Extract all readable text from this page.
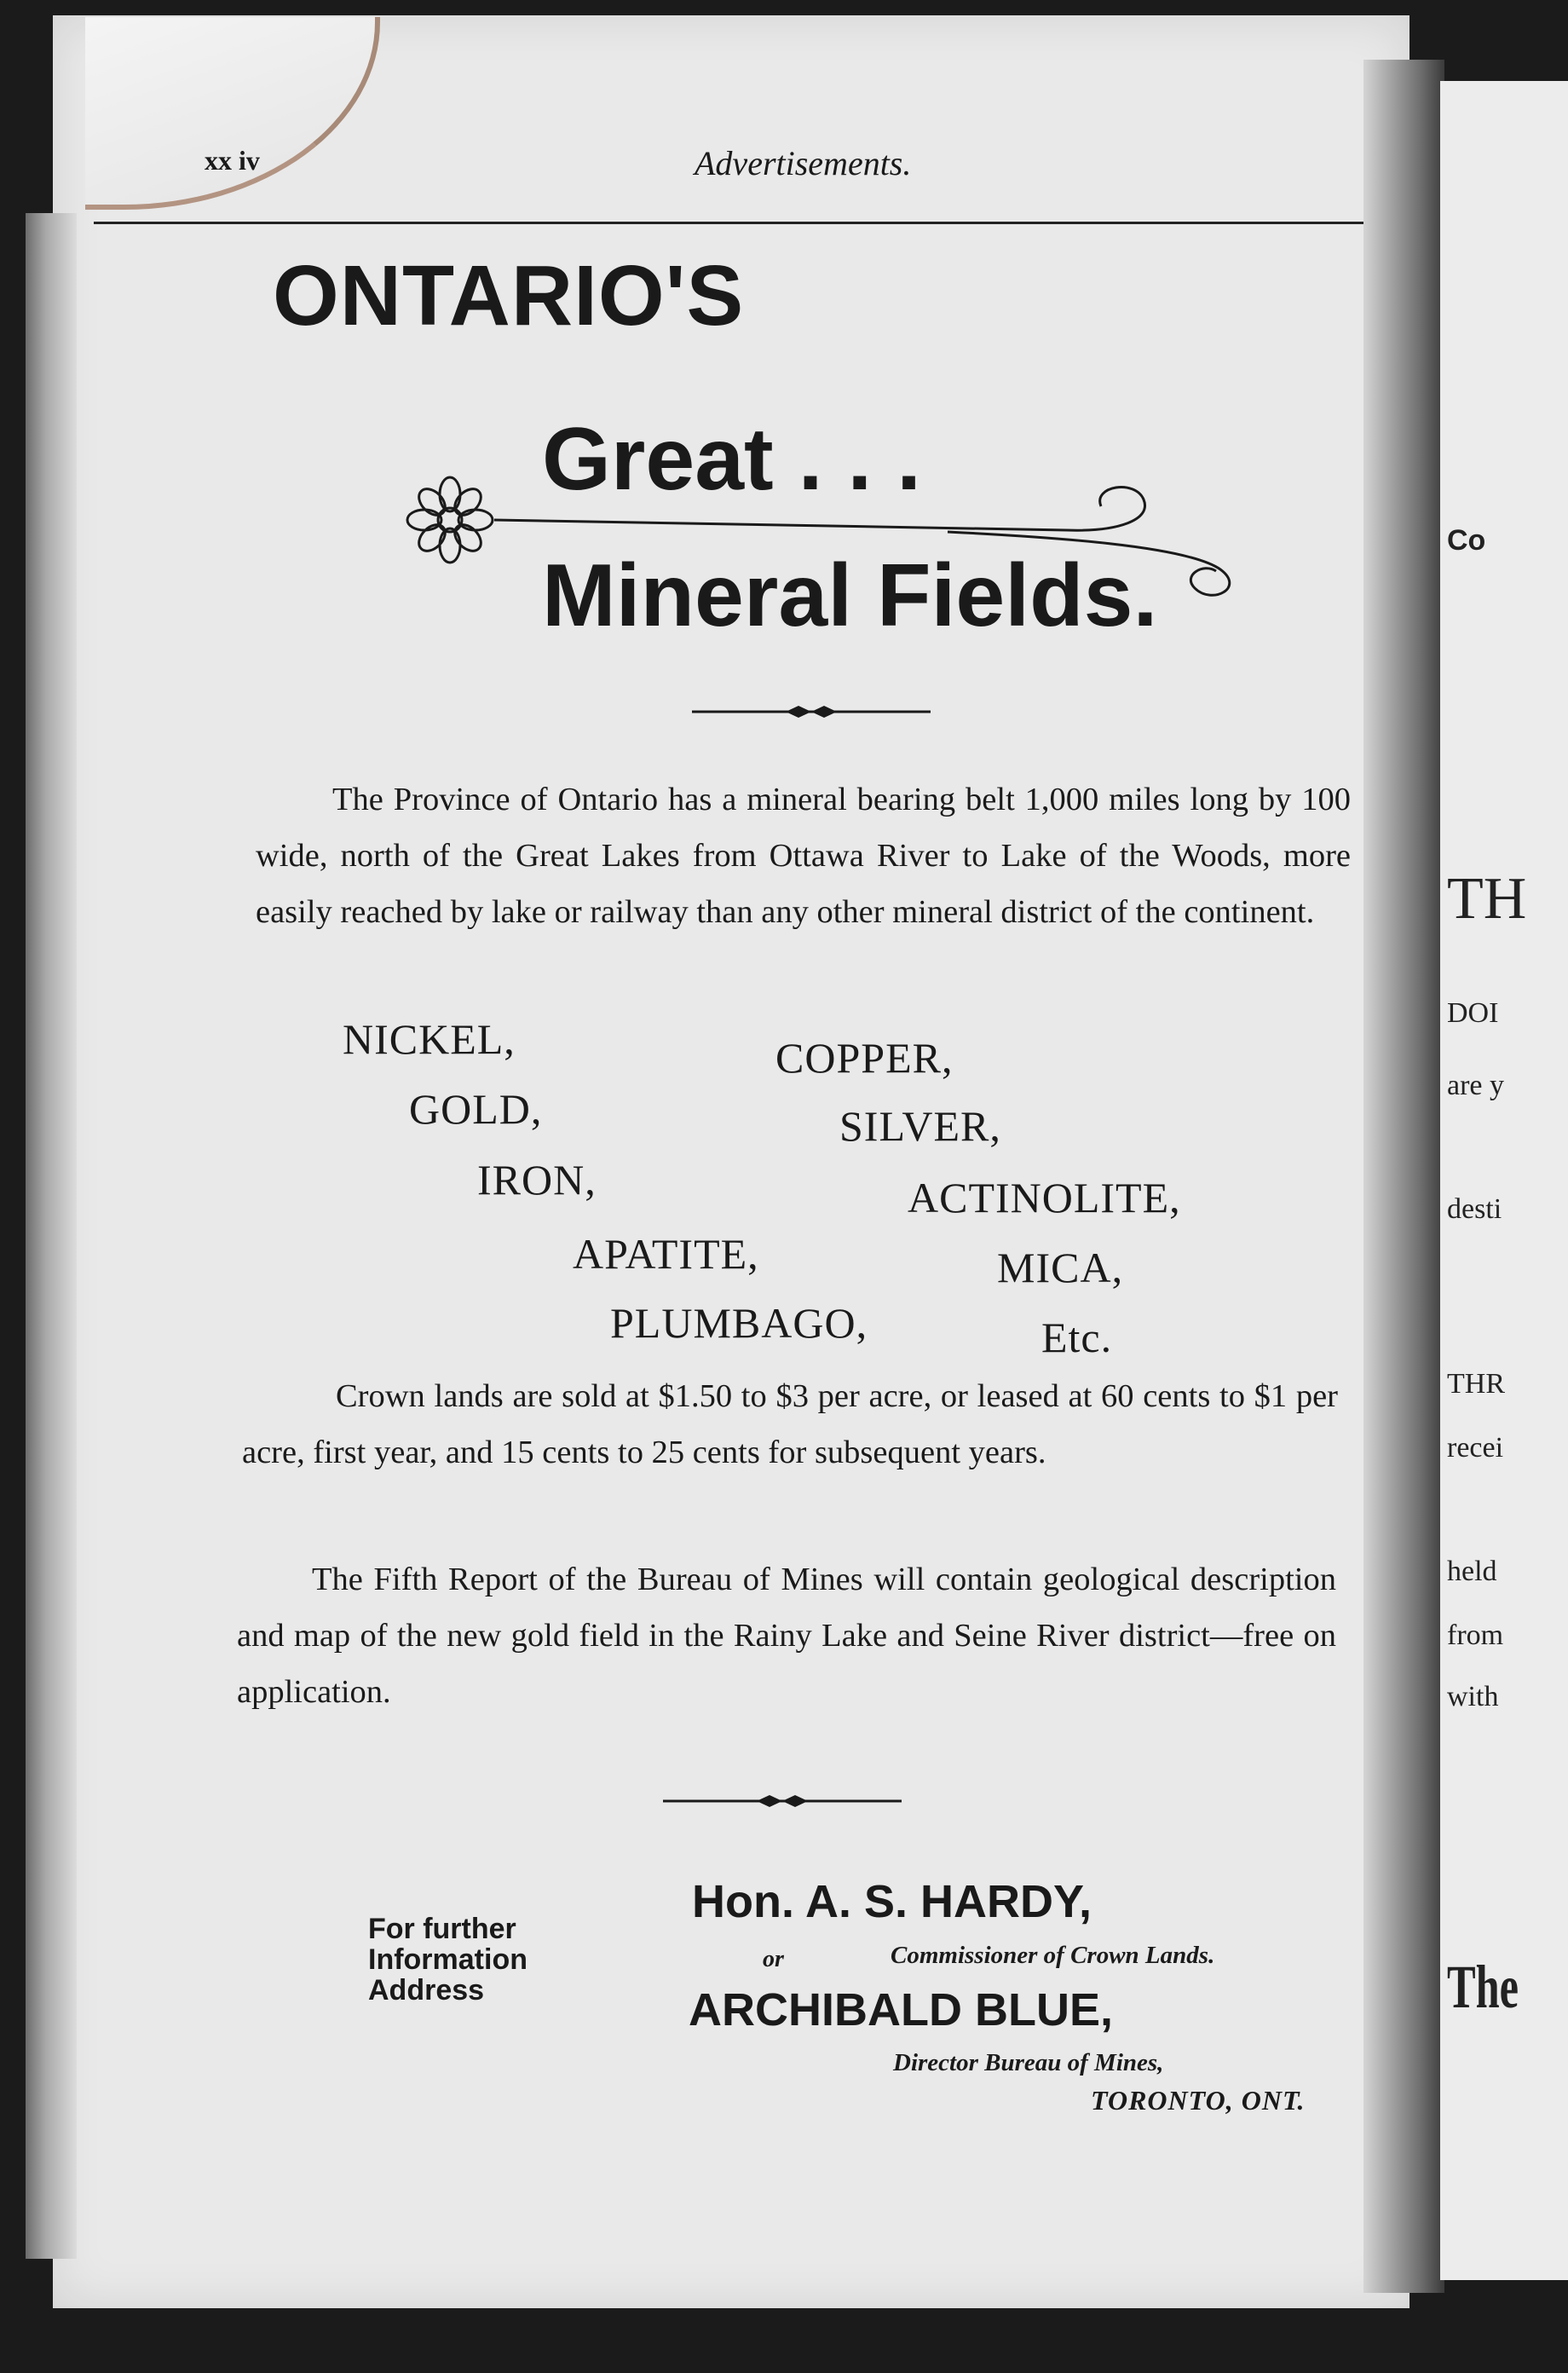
Co
TH
DOI
are y
desti
THR
recei
held
from
with
The
xx iv	Advertisements.
ONTARIO'S
Great . . .
Mineral Fields.
The Province of Ontario has a mineral bearing belt 1,000 miles long by 100 wide, north of the Great Lakes from Ottawa River to Lake of the Woods, more easily reached by lake or railway than any other mineral district of the continent.
NICKEL,	COPPER,
GOLD,	SILVER,
IRON,	ACTINOLITE,
APATITE,	MICA,
PLUMBAGO,	Etc.
Crown lands are sold at $1.50 to $3 per acre, or leased at 60 cents to $1 per acre, first year, and 15 cents to 25 cents for subsequent years.
The Fifth Report of the Bureau of Mines will contain geological description and map of the new gold field in the Rainy Lake and Seine River district—free on application.
For further
Information
Address
Hon. A. S. HARDY,
or	Commissioner of Crown Lands.
ARCHIBALD BLUE,
Director Bureau of Mines,
TORONTO, ONT.
